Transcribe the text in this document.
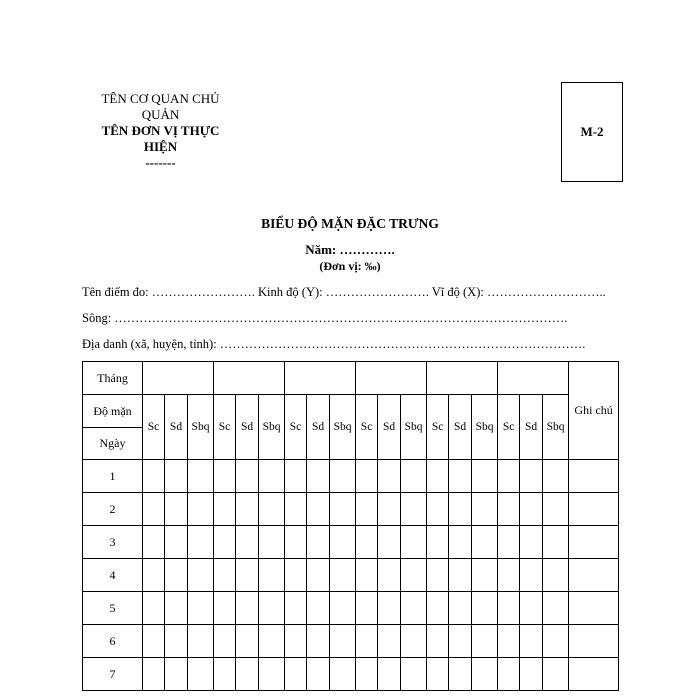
TÊN CƠ QUAN CHỦ QUẢN
TÊN ĐƠN VỊ THỰC HIỆN
-------
M-2
BIỂU ĐỘ MẶN ĐẶC TRƯNG
Năm: ………….
(Đơn vị: ‰)
Tên điểm đo: ……………………. Kinh độ (Y): ……………………. Vĩ độ (X): ………………………..
Sông: ……………………………………………………………………………………………….
Địa danh (xã, huyện, tỉnh): …………………………………………………………………………….
Tháng																			Ghi chú
Độ mặn	Sc	Sd	Sbq	Sc	Sd	Sbq	Sc	Sd	Sbq	Sc	Sd	Sbq	Sc	Sd	Sbq	Sc	Sd	Sbq	
Ngày																			
1																			
2																			
3																			
4																			
5																			
6																			
7																			
